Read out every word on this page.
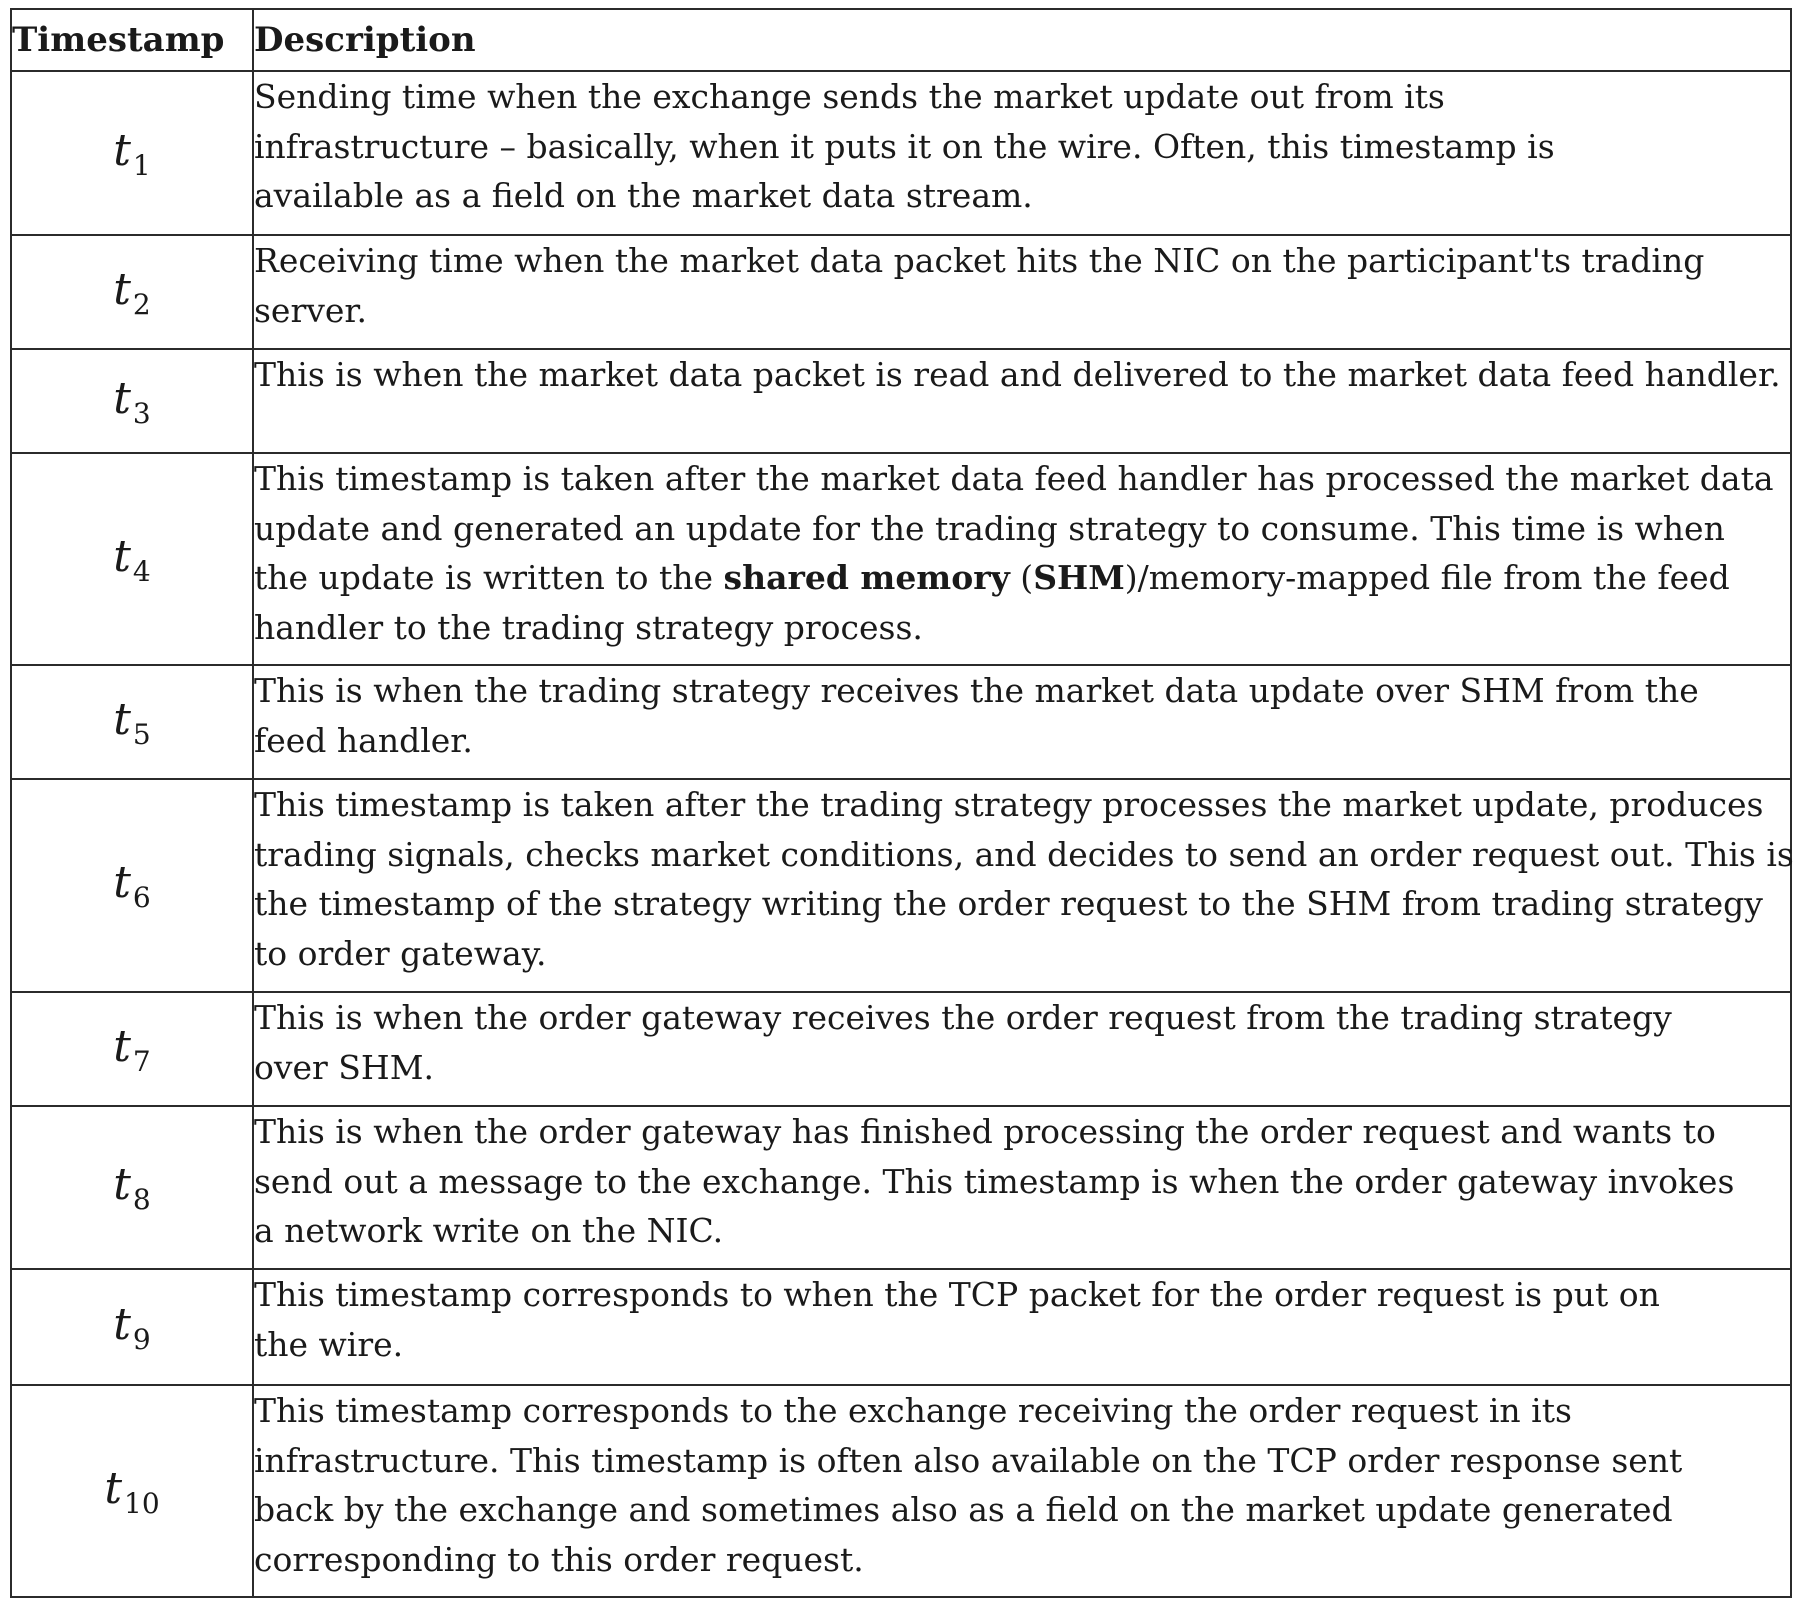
Timestamp	Description
$t_1$	Sending time when the exchange sends the market update out from its
infrastructure – basically, when it puts it on the wire. Often, this timestamp is
available as a field on the market data stream.

$t_2$	Receiving time when the market data packet hits the NIC on the participant'ts trading
server.

$t_3$	This is when the market data packet is read and delivered to the market data feed handler.

$t_4$	This timestamp is taken after the market data feed handler has processed the market data
update and generated an update for the trading strategy to consume. This time is when
the update is written to the shared memory (SHM)/memory-mapped file from the feed
handler to the trading strategy process.

$t_5$	This is when the trading strategy receives the market data update over SHM from the
feed handler.

$t_6$	This timestamp is taken after the trading strategy processes the market update, produces
trading signals, checks market conditions, and decides to send an order request out. This is
the timestamp of the strategy writing the order request to the SHM from trading strategy
to order gateway.

$t_7$	This is when the order gateway receives the order request from the trading strategy
over SHM.

$t_8$	This is when the order gateway has finished processing the order request and wants to
send out a message to the exchange. This timestamp is when the order gateway invokes
a network write on the NIC.

$t_9$	This timestamp corresponds to when the TCP packet for the order request is put on
the wire.

$t_{10}$	This timestamp corresponds to the exchange receiving the order request in its
infrastructure. This timestamp is often also available on the TCP order response sent
back by the exchange and sometimes also as a field on the market update generated
corresponding to this order request.
